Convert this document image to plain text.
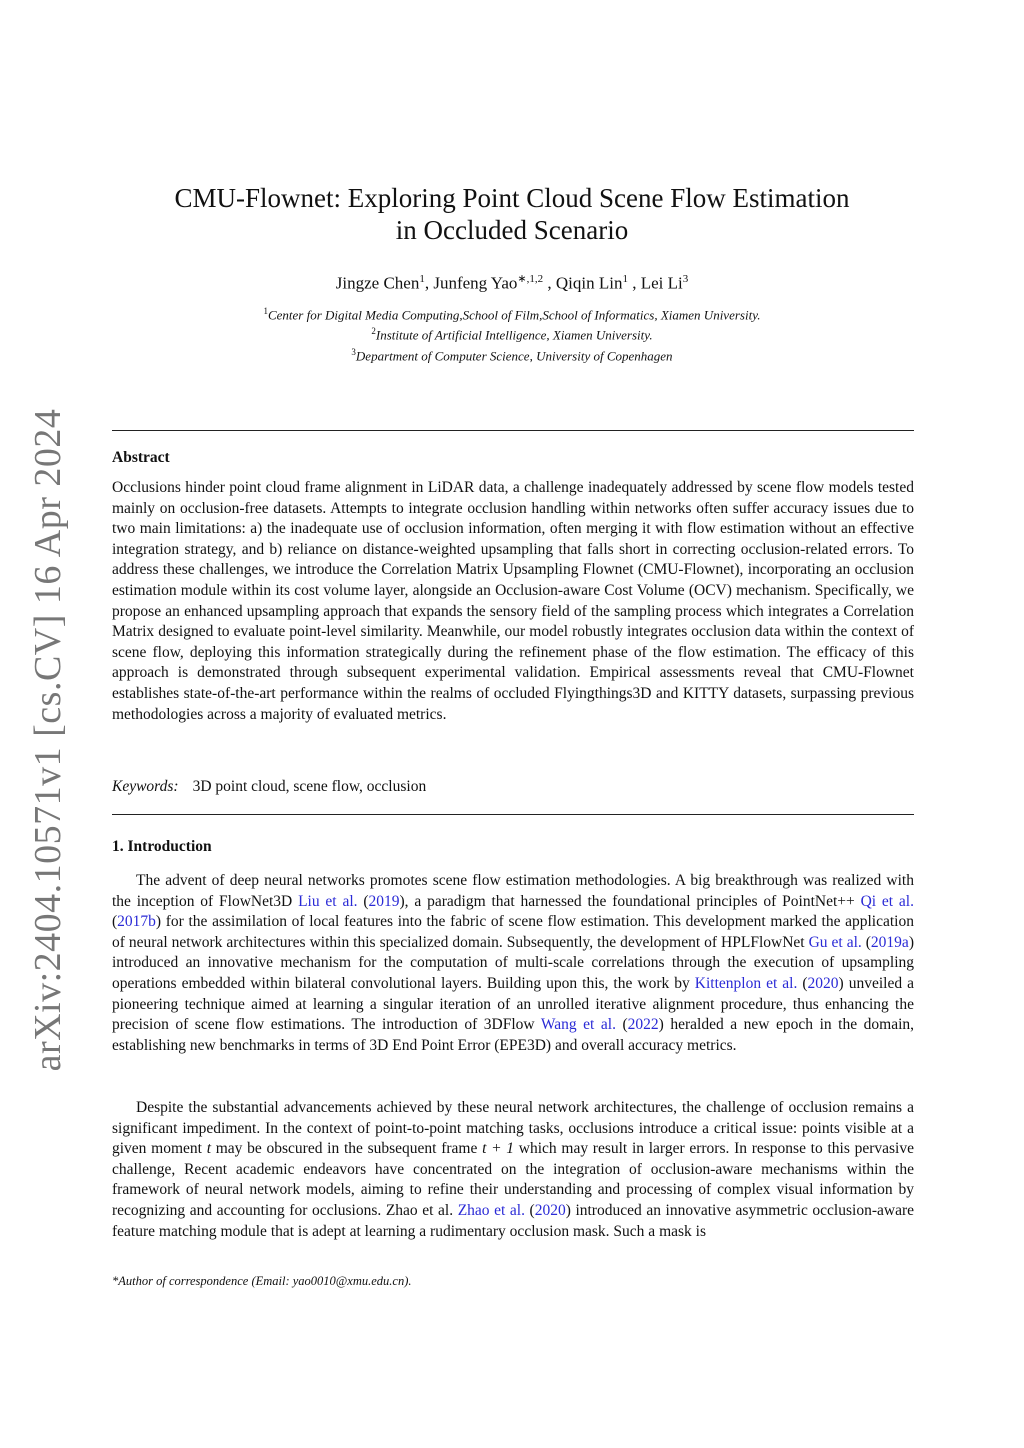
arXiv:2404.10571v1 [cs.CV] 16 Apr 2024
CMU-Flownet: Exploring Point Cloud Scene Flow Estimation
in Occluded Scenario
Jingze Chen$^1$, Junfeng Yao$^{∗,1,2}$ , Qiqin Lin$^1$ , Lei Li$^3$
$^1$Center for Digital Media Computing,School of Film,School of Informatics, Xiamen University.
$^2$Institute of Artificial Intelligence, Xiamen University.
$^3$Department of Computer Science, University of Copenhagen
Abstract

Occlusions hinder point cloud frame alignment in LiDAR data, a challenge inadequately addressed by scene flow models tested mainly on occlusion-free datasets. Attempts to integrate occlusion handling within networks often suffer accuracy issues due to two main limitations: a) the inadequate use of occlusion information, often merging it with flow estimation without an effective integration strategy, and b) reliance on distance-weighted upsampling that falls short in correcting occlusion-related errors. To address these challenges, we introduce the Correlation Matrix Upsampling Flownet (CMU-Flownet), incorporating an occlusion estimation module within its cost volume layer, alongside an Occlusion-aware Cost Volume (OCV) mechanism. Specifically, we propose an enhanced upsampling approach that expands the sensory field of the sampling process which integrates a Correlation Matrix designed to evaluate point-level similarity. Meanwhile, our model robustly integrates occlusion data within the context of scene flow, deploying this information strategically during the refinement phase of the flow estimation. The efficacy of this approach is demonstrated through subsequent experimental validation. Empirical assessments reveal that CMU-Flownet establishes state-of-the-art performance within the realms of occluded Flyingthings3D and KITTY datasets, surpassing previous methodologies across a majority of evaluated metrics.

Keywords: 3D point cloud, scene flow, occlusion
1. Introduction

The advent of deep neural networks promotes scene flow estimation methodologies. A big breakthrough was realized with the inception of FlowNet3D Liu et al. (2019), a paradigm that harnessed the foundational principles of PointNet++ Qi et al. (2017b) for the assimilation of local features into the fabric of scene flow estimation. This development marked the application of neural network architectures within this specialized domain. Subsequently, the development of HPLFlowNet Gu et al. (2019a) introduced an innovative mechanism for the computation of multi-scale correlations through the execution of upsampling operations embedded within bilateral convolutional layers. Building upon this, the work by Kittenplon et al. (2020) unveiled a pioneering technique aimed at learning a singular iteration of an unrolled iterative alignment procedure, thus enhancing the precision of scene flow estimations. The introduction of 3DFlow Wang et al. (2022) heralded a new epoch in the domain, establishing new benchmarks in terms of 3D End Point Error (EPE3D) and overall accuracy metrics.

Despite the substantial advancements achieved by these neural network architectures, the challenge of occlusion remains a significant impediment. In the context of point-to-point matching tasks, occlusions introduce a critical issue: points visible at a given moment t may be obscured in the subsequent frame t + 1 which may result in larger errors. In response to this pervasive challenge, Recent academic endeavors have concentrated on the integration of occlusion-aware mechanisms within the framework of neural network models, aiming to refine their understanding and processing of complex visual information by recognizing and accounting for occlusions. Zhao et al. Zhao et al. (2020) introduced an innovative asymmetric occlusion-aware feature matching module that is adept at learning a rudimentary occlusion mask. Such a mask is

*Author of correspondence (Email: yao0010@xmu.edu.cn).
